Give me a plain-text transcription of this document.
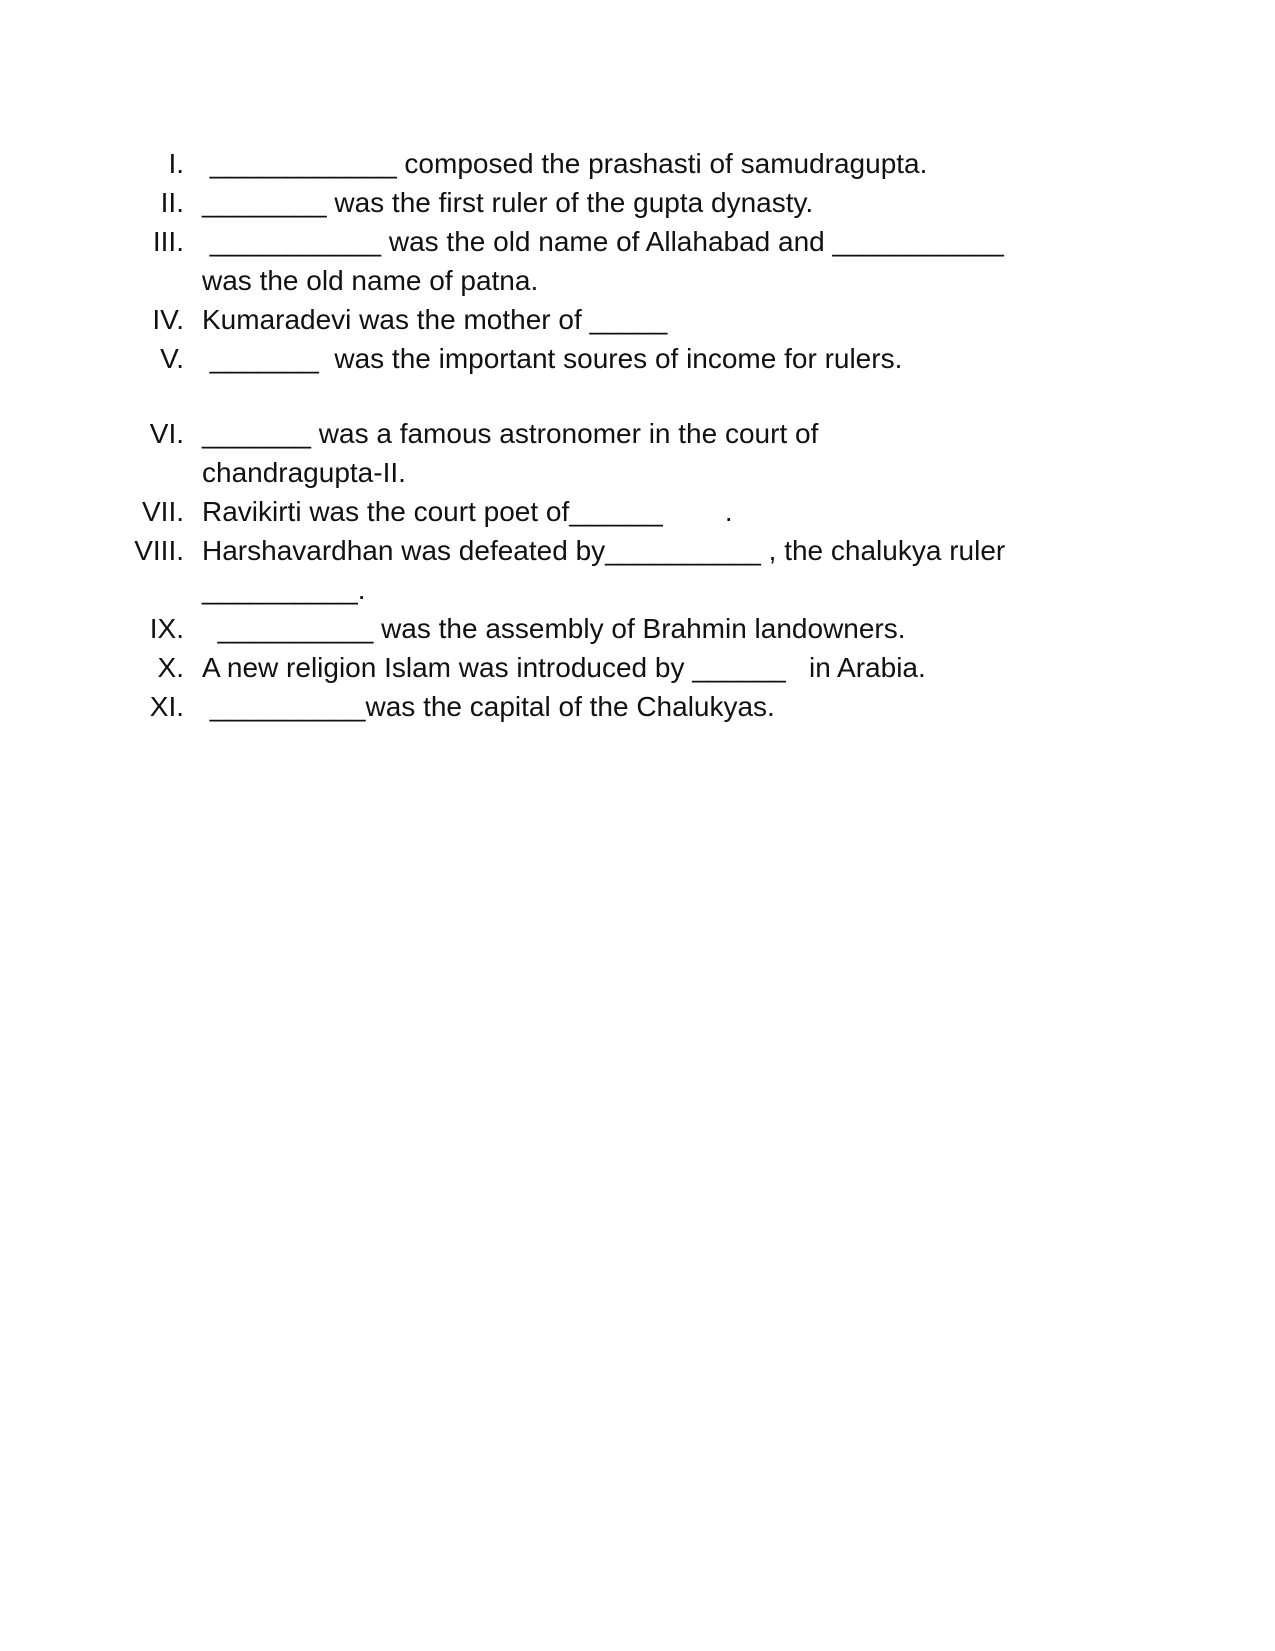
I. ____________ composed the prashasti of samudragupta.
II. ________ was the first ruler of the gupta dynasty.
III. ___________ was the old name of Allahabad and ___________
was the old name of patna.
IV. Kumaradevi was the mother of _____
V. _______  was the important soures of income for rulers.
VI. _______ was a famous astronomer in the court of
chandragupta-II.
VII. Ravikirti was the court poet of______        .
VIII. Harshavardhan was defeated by__________ , the chalukya ruler
__________.
IX. __________ was the assembly of Brahmin landowners.
X. A new religion Islam was introduced by ______   in Arabia.
XI. __________was the capital of the Chalukyas.
